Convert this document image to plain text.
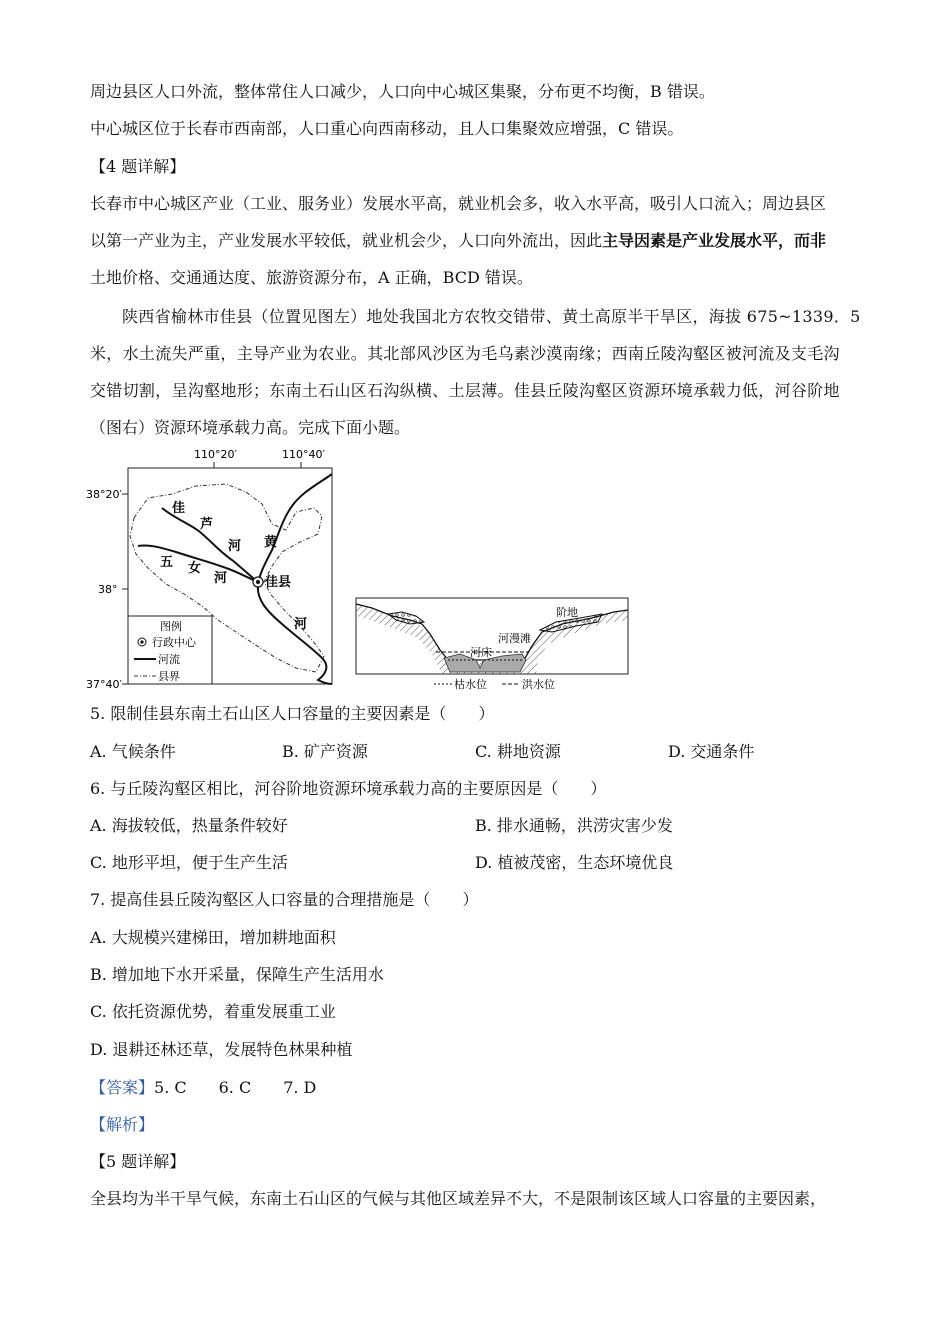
周边县区人口外流，整体常住人口减少，人口向中心城区集聚，分布更不均衡，B 错误。
中心城区位于长春市西南部，人口重心向西南移动，且人口集聚效应增强，C 错误。
【4 题详解】
长春市中心城区产业（工业、服务业）发展水平高，就业机会多，收入水平高，吸引人口流入；周边县区
以第一产业为主，产业发展水平较低，就业机会少，人口向外流出，因此主导因素是产业发展水平，而非
土地价格、交通通达度、旅游资源分布，A 正确，BCD 错误。
陕西省榆林市佳县（位置见图左）地处我国北方农牧交错带、黄土高原半干旱区，海拔 675~1339．5
米，水土流失严重，主导产业为农业。其北部风沙区为毛乌素沙漠南缘；西南丘陵沟壑区被河流及支毛沟
交错切割，呈沟壑地形；东南土石山区石沟纵横、土层薄。佳县丘陵沟壑区资源环境承载力低，河谷阶地
（图右）资源环境承载力高。完成下面小题。
110°20′	110°40′
38°20′
38°
37°40′
佳
芦
河
五 女
河
黄
河
佳县
图例
行政中心
河流
县界
阶地
河漫滩
河床
枯水位	洪水位
5. 限制佳县东南土石山区人口容量的主要因素是（　　）
A. 气候条件	B. 矿产资源	C. 耕地资源	D. 交通条件
6. 与丘陵沟壑区相比，河谷阶地资源环境承载力高的主要原因是（　　）
A. 海拔较低，热量条件较好	B. 排水通畅，洪涝灾害少发
C. 地形平坦，便于生产生活	D. 植被茂密，生态环境优良
7. 提高佳县丘陵沟壑区人口容量的合理措施是（　　）
A. 大规模兴建梯田，增加耕地面积
B. 增加地下水开采量，保障生产生活用水
C. 依托资源优势，着重发展重工业
D. 退耕还林还草，发展特色林果种植
【答案】5. C　　6. C　　7. D
【解析】
【5 题详解】
全县均为半干旱气候，东南土石山区的气候与其他区域差异不大，不是限制该区域人口容量的主要因素，
